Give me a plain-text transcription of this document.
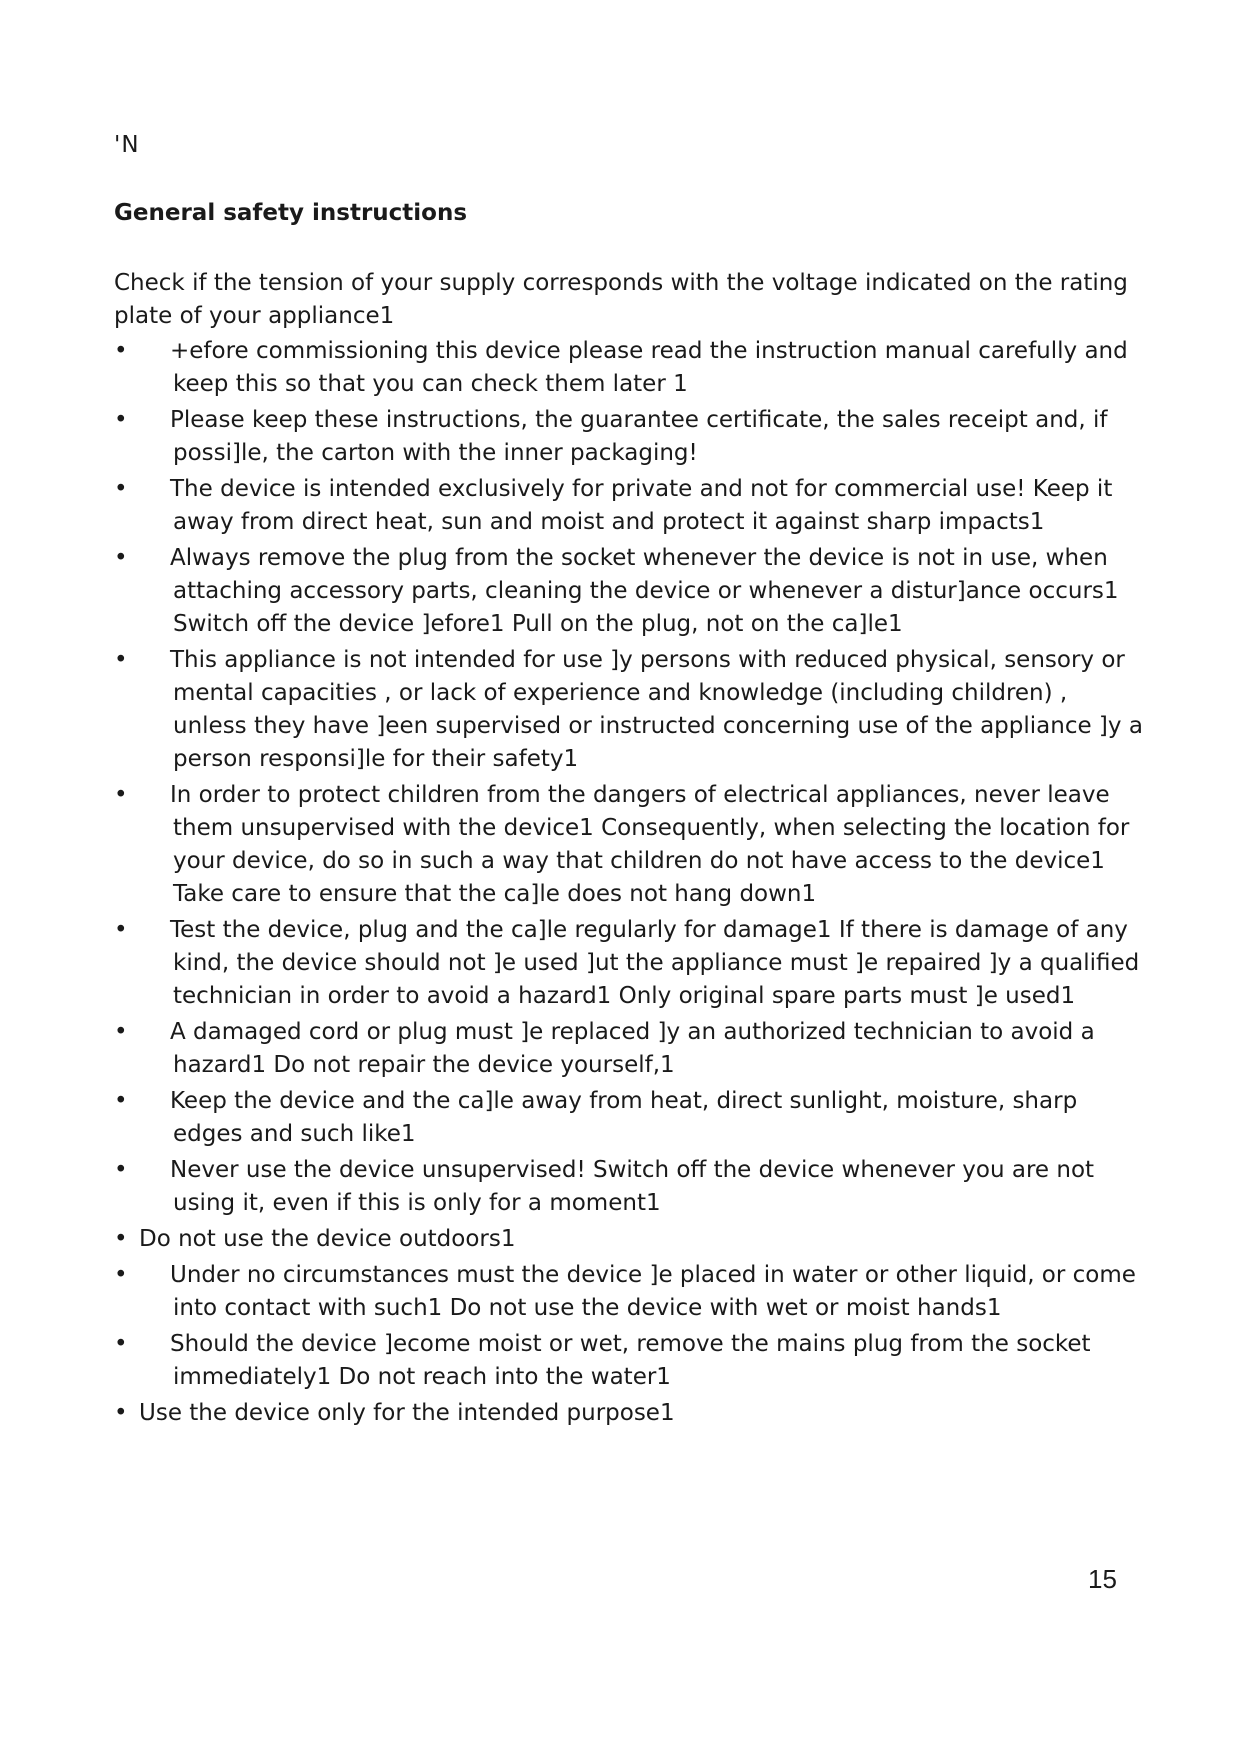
'N
General safety instructions
Check if the tension of your supply corresponds with the voltage indicated on the rating plate of your appliance1
• +efore commissioning this device please read the instruction manual carefully and keep this so that you can check them later 1
• Please keep these instructions, the guarantee certificate, the sales receipt and, if possi]le, the carton with the inner packaging!
• The device is intended exclusively for private and not for commercial use! Keep it away from direct heat, sun and moist and protect it against sharp impacts1
• Always remove the plug from the socket whenever the device is not in use, when attaching accessory parts, cleaning the device or whenever a distur]ance occurs1 Switch off the device ]efore1 Pull on the plug, not on the ca]le1
• This appliance is not intended for use ]y persons with reduced physical, sensory or mental capacities , or lack of experience and knowledge (including children) , unless they have ]een supervised or instructed concerning use of the appliance ]y a person responsi]le for their safety1
• In order to protect children from the dangers of electrical appliances, never leave them unsupervised with the device1 Consequently, when selecting the location for your device, do so in such a way that children do not have access to the device1 Take care to ensure that the ca]le does not hang down1
• Test the device, plug and the ca]le regularly for damage1 If there is damage of any kind, the device should not ]e used ]ut the appliance must ]e repaired ]y a qualified technician in order to avoid a hazard1 Only original spare parts must ]e used1
• A damaged cord or plug must ]e replaced ]y an authorized technician to avoid a hazard1 Do not repair the device yourself,1
• Keep the device and the ca]le away from heat, direct sunlight, moisture, sharp edges and such like1
• Never use the device unsupervised! Switch off the device whenever you are not using it, even if this is only for a moment1
• Do not use the device outdoors1
• Under no circumstances must the device ]e placed in water or other liquid, or come into contact with such1 Do not use the device with wet or moist hands1
• Should the device ]ecome moist or wet, remove the mains plug from the socket immediately1 Do not reach into the water1
• Use the device only for the intended purpose1
15
